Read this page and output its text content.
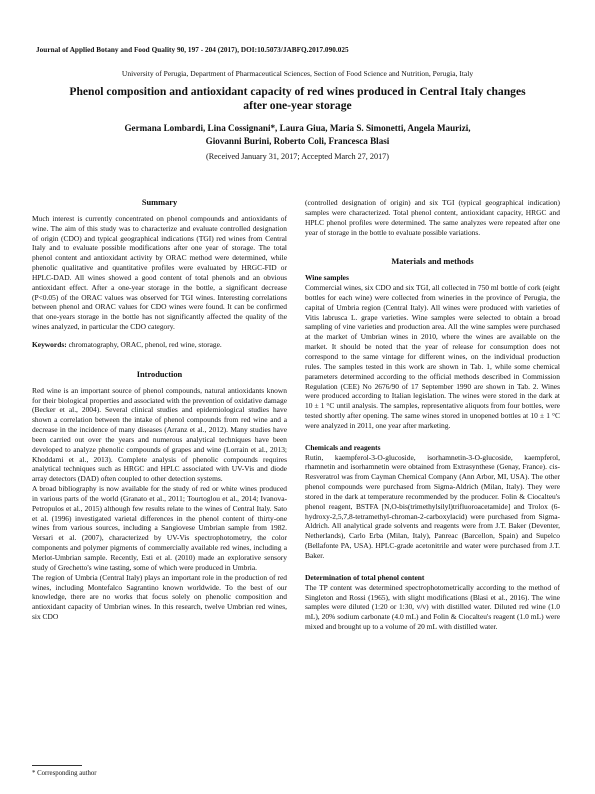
Journal of Applied Botany and Food Quality 90, 197 - 204 (2017), DOI:10.5073/JABFQ.2017.090.025
University of Perugia, Department of Pharmaceutical Sciences, Section of Food Science and Nutrition, Perugia, Italy
Phenol composition and antioxidant capacity of red wines produced in Central Italy changes after one-year storage
Germana Lombardi, Lina Cossignani*, Laura Giua, Maria S. Simonetti, Angela Maurizi,
Giovanni Burini, Roberto Coli, Francesca Blasi
(Received January 31, 2017; Accepted March 27, 2017)
Summary

Much interest is currently concentrated on phenol compounds and antioxidants of wine. The aim of this study was to characterize and evaluate controlled designation of origin (CDO) and typical geographical indications (TGI) red wines from Central Italy and to evaluate possible modifications after one year of storage. The total phenol content and antioxidant activity by ORAC method were determined, while phenolic qualitative and quantitative profiles were evaluated by HRGC-FID or HPLC-DAD. All wines showed a good content of total phenols and an obvious antioxidant effect. After a one-year storage in the bottle, a significant decrease (P<0.05) of the ORAC values was observed for TGI wines. Interesting correlations between phenol and ORAC values for CDO wines were found. It can be confirmed that one-years storage in the bottle has not significantly affected the quality of the wines analyzed, in particular the CDO category.

Keywords: chromatography, ORAC, phenol, red wine, storage.

Introduction

Red wine is an important source of phenol compounds, natural antioxidants known for their biological properties and associated with the prevention of oxidative damage (Becker et al., 2004). Several clinical studies and epidemiological studies have shown a correlation between the intake of phenol compounds from red wine and a decrease in the incidence of many diseases (Arranz et al., 2012). Many studies have been carried out over the years and numerous analytical techniques have been developed to analyze phenolic compounds of grapes and wine (Lorrain et al., 2013; Khoddami et al., 2013). Complete analysis of phenolic compounds requires analytical techniques such as HRGC and HPLC associated with UV-Vis and diode array detectors (DAD) often coupled to other detection systems.

A broad bibliography is now available for the study of red or white wines produced in various parts of the world (Granato et al., 2011; Tourtoglou et al., 2014; Ivanova-Petropulos et al., 2015) although few results relate to the wines of Central Italy. Sato et al. (1996) investigated varietal differences in the phenol content of thirty-one wines from various sources, including a Sangiovese Umbrian sample from 1982. Versari et al. (2007), characterized by UV-Vis spectrophotometry, the color components and polymer pigments of commercially available red wines, including a Merlot-Umbrian sample. Recently, Esti et al. (2010) made an explorative sensory study of Grechetto's wine tasting, some of which were produced in Umbria.

The region of Umbria (Central Italy) plays an important role in the production of red wines, including Montefalco Sagrantino known worldwide. To the best of our knowledge, there are no works that focus solely on phenolic composition and antioxidant capacity of Umbrian wines. In this research, twelve Umbrian red wines, six CDO

(controlled designation of origin) and six TGI (typical geographical indication) samples were characterized. Total phenol content, antioxidant capacity, HRGC and HPLC phenol profiles were determined. The same analyzes were repeated after one year of storage in the bottle to evaluate possible variations.

Materials and methods

Wine samples

Commercial wines, six CDO and six TGI, all collected in 750 ml bottle of cork (eight bottles for each wine) were collected from wineries in the province of Perugia, the capital of Umbria region (Central Italy). All wines were produced with varieties of Vitis labrusca L. grape varieties. Wine samples were selected to obtain a broad sampling of vine varieties and production area. All the wine samples were purchased at the market of Umbrian wines in 2010, where the wines are available on the market. It should be noted that the year of release for consumption does not correspond to the same vintage for different wines, on the individual production rules. The samples tested in this work are shown in Tab. 1, while some chemical parameters determined according to the official methods described in Commission Regulation (CEE) No 2676/90 of 17 September 1990 are shown in Tab. 2. Wines were produced according to Italian legislation. The wines were stored in the dark at 10 ± 1 °C until analysis. The samples, representative aliquots from four bottles, were tested shortly after opening. The same wines stored in unopened bottles at 10 ± 1 °C were analyzed in 2011, one year after marketing.

Chemicals and reagents

Rutin, kaempferol-3-O-glucoside, isorhamnetin-3-O-glucoside, kaempferol, rhamnetin and isorhamnetin were obtained from Extrasynthese (Genay, France). cis-Resveratrol was from Cayman Chemical Company (Ann Arbor, MI, USA). The other phenol compounds were purchased from Sigma-Aldrich (Milan, Italy). They were stored in the dark at temperature recommended by the producer. Folin & Ciocalteu's phenol reagent, BSTFA [N,O-bis(trimethylsilyl)trifluoroacetamide] and Trolox (6-hydroxy-2,5,7,8-tetramethyl-chroman-2-carboxylacid) were purchased from Sigma-Aldrich. All analytical grade solvents and reagents were from J.T. Baker (Deventer, Netherlands), Carlo Erba (Milan, Italy), Panreac (Barcellon, Spain) and Supelco (Bellafonte PA, USA). HPLC-grade acetonitrile and water were purchased from J.T. Baker.

Determination of total phenol content

The TP content was determined spectrophotometrically according to the method of Singleton and Rossi (1965), with slight modifications (Blasi et al., 2016). The wine samples were diluted (1:20 or 1:30, v/v) with distilled water. Diluted red wine (1.0 mL), 20% sodium carbonate (4.0 mL) and Folin & Ciocalteu's reagent (1.0 mL) were mixed and brought up to a volume of 20 mL with distilled water.

* Corresponding author
